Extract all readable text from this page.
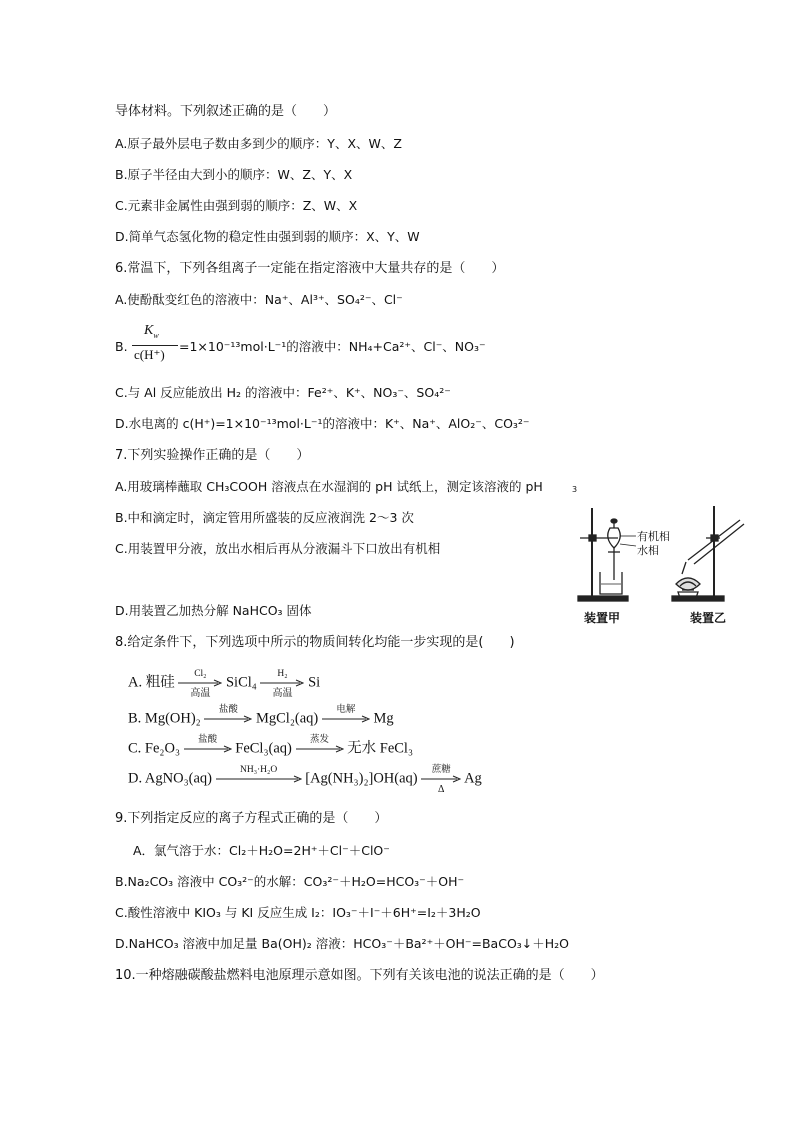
导体材料。下列叙述正确的是（　　）
A.原子最外层电子数由多到少的顺序：Y、X、W、Z
B.原子半径由大到小的顺序：W、Z、Y、X
C.元素非金属性由强到弱的顺序：Z、W、X
D.简单气态氢化物的稳定性由强到弱的顺序：X、Y、W
6.常温下，下列各组离子一定能在指定溶液中大量共存的是（　　）
A.使酚酞变红色的溶液中：Na⁺、Al³⁺、SO₄²⁻、Cl⁻
B.
$K_w$
c(H⁺)
=1×10⁻¹³mol·L⁻¹的溶液中：NH₄+Ca²⁺、Cl⁻、NO₃⁻
C.与 Al 反应能放出 H₂ 的溶液中：Fe²⁺、K⁺、NO₃⁻、SO₄²⁻
D.水电离的 c(H⁺)=1×10⁻¹³mol·L⁻¹的溶液中：K⁺、Na⁺、AlO₂⁻、CO₃²⁻
7.下列实验操作正确的是（　　）
A.用玻璃棒蘸取 CH₃COOH 溶液点在水湿润的 pH 试纸上，测定该溶液的 pH
B.中和滴定时，滴定管用所盛装的反应液润洗 2～3 次
C.用装置甲分液，放出水相后再从分液漏斗下口放出有机相
D.用装置乙加热分解 NaHCO₃ 固体
3
有机相
水相
装置甲	装置乙
8.给定条件下，下列选项中所示的物质间转化均能一步实现的是(　　)
A. 粗硅
Cl₂
高温
SiCl₄
H₂
高温
Si
B. Mg(OH)₂
盐酸
MgCl₂(aq)
电解
Mg
C. Fe₂O₃
盐酸
FeCl₃(aq)
蒸发
无水 FeCl₃
D. AgNO₃(aq)
NH₃·H₂O
[Ag(NH₃)₂]OH(aq)
蔗糖
Δ
Ag
9.下列指定反应的离子方程式正确的是（　　）
A．氯气溶于水：Cl₂＋H₂O=2H⁺＋Cl⁻＋ClO⁻
B.Na₂CO₃ 溶液中 CO₃²⁻的水解：CO₃²⁻＋H₂O=HCO₃⁻＋OH⁻
C.酸性溶液中 KIO₃ 与 KI 反应生成 I₂：IO₃⁻＋I⁻＋6H⁺=I₂＋3H₂O
D.NaHCO₃ 溶液中加足量 Ba(OH)₂ 溶液：HCO₃⁻＋Ba²⁺＋OH⁻=BaCO₃↓＋H₂O
10.一种熔融碳酸盐燃料电池原理示意如图。下列有关该电池的说法正确的是（　　）
